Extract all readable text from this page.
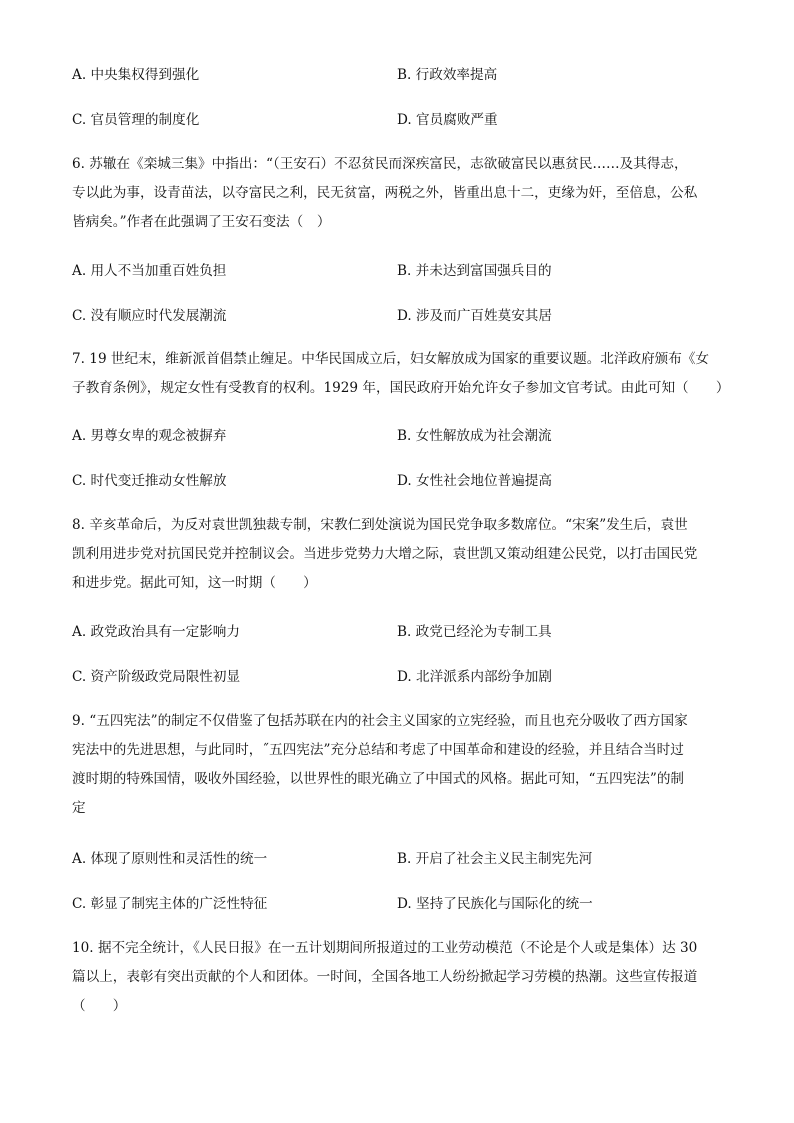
A. 中央集权得到强化	B. 行政效率提高
C. 官员管理的制度化	D. 官员腐败严重
6. 苏辙在《栾城三集》中指出：“（王安石）不忍贫民而深疾富民，志欲破富民以惠贫民……及其得志，
专以此为事，设青苗法，以夺富民之利，民无贫富，两税之外，皆重出息十二，吏缘为奸，至倍息，公私
皆病矣。”作者在此强调了王安石变法（　）
A. 用人不当加重百姓负担	B. 并未达到富国强兵目的
C. 没有顺应时代发展潮流	D. 涉及而广百姓莫安其居
7. 19 世纪末，维新派首倡禁止缠足。中华民国成立后，妇女解放成为国家的重要议题。北洋政府颁布《女
子教育条例》，规定女性有受教育的权利。1929 年，国民政府开始允许女子参加文官考试。由此可知（　　）
A. 男尊女卑的观念被摒弃	B. 女性解放成为社会潮流
C. 时代变迁推动女性解放	D. 女性社会地位普遍提高
8. 辛亥革命后，为反对袁世凯独裁专制，宋教仁到处演说为国民党争取多数席位。“宋案”发生后，袁世
凯利用进步党对抗国民党并控制议会。当进步党势力大增之际，袁世凯又策动组建公民党，以打击国民党
和进步党。据此可知，这一时期（　　）
A. 政党政治具有一定影响力	B. 政党已经沦为专制工具
C. 资产阶级政党局限性初显	D. 北洋派系内部纷争加剧
9. “五四宪法”的制定不仅借鉴了包括苏联在内的社会主义国家的立宪经验，而且也充分吸收了西方国家
宪法中的先进思想，与此同时，˝五四宪法”充分总结和考虑了中国革命和建设的经验，并且结合当时过
渡时期的特殊国情，吸收外国经验，以世界性的眼光确立了中国式的风格。据此可知，“五四宪法”的制
定
A. 体现了原则性和灵活性的统一	B. 开启了社会主义民主制宪先河
C. 彰显了制宪主体的广泛性特征	D. 坚持了民族化与国际化的统一
10. 据不完全统计，《人民日报》在一五计划期间所报道过的工业劳动模范（不论是个人或是集体）达 30
篇以上，表彰有突出贡献的个人和团体。一时间，全国各地工人纷纷掀起学习劳模的热潮。这些宣传报道
（　　）
